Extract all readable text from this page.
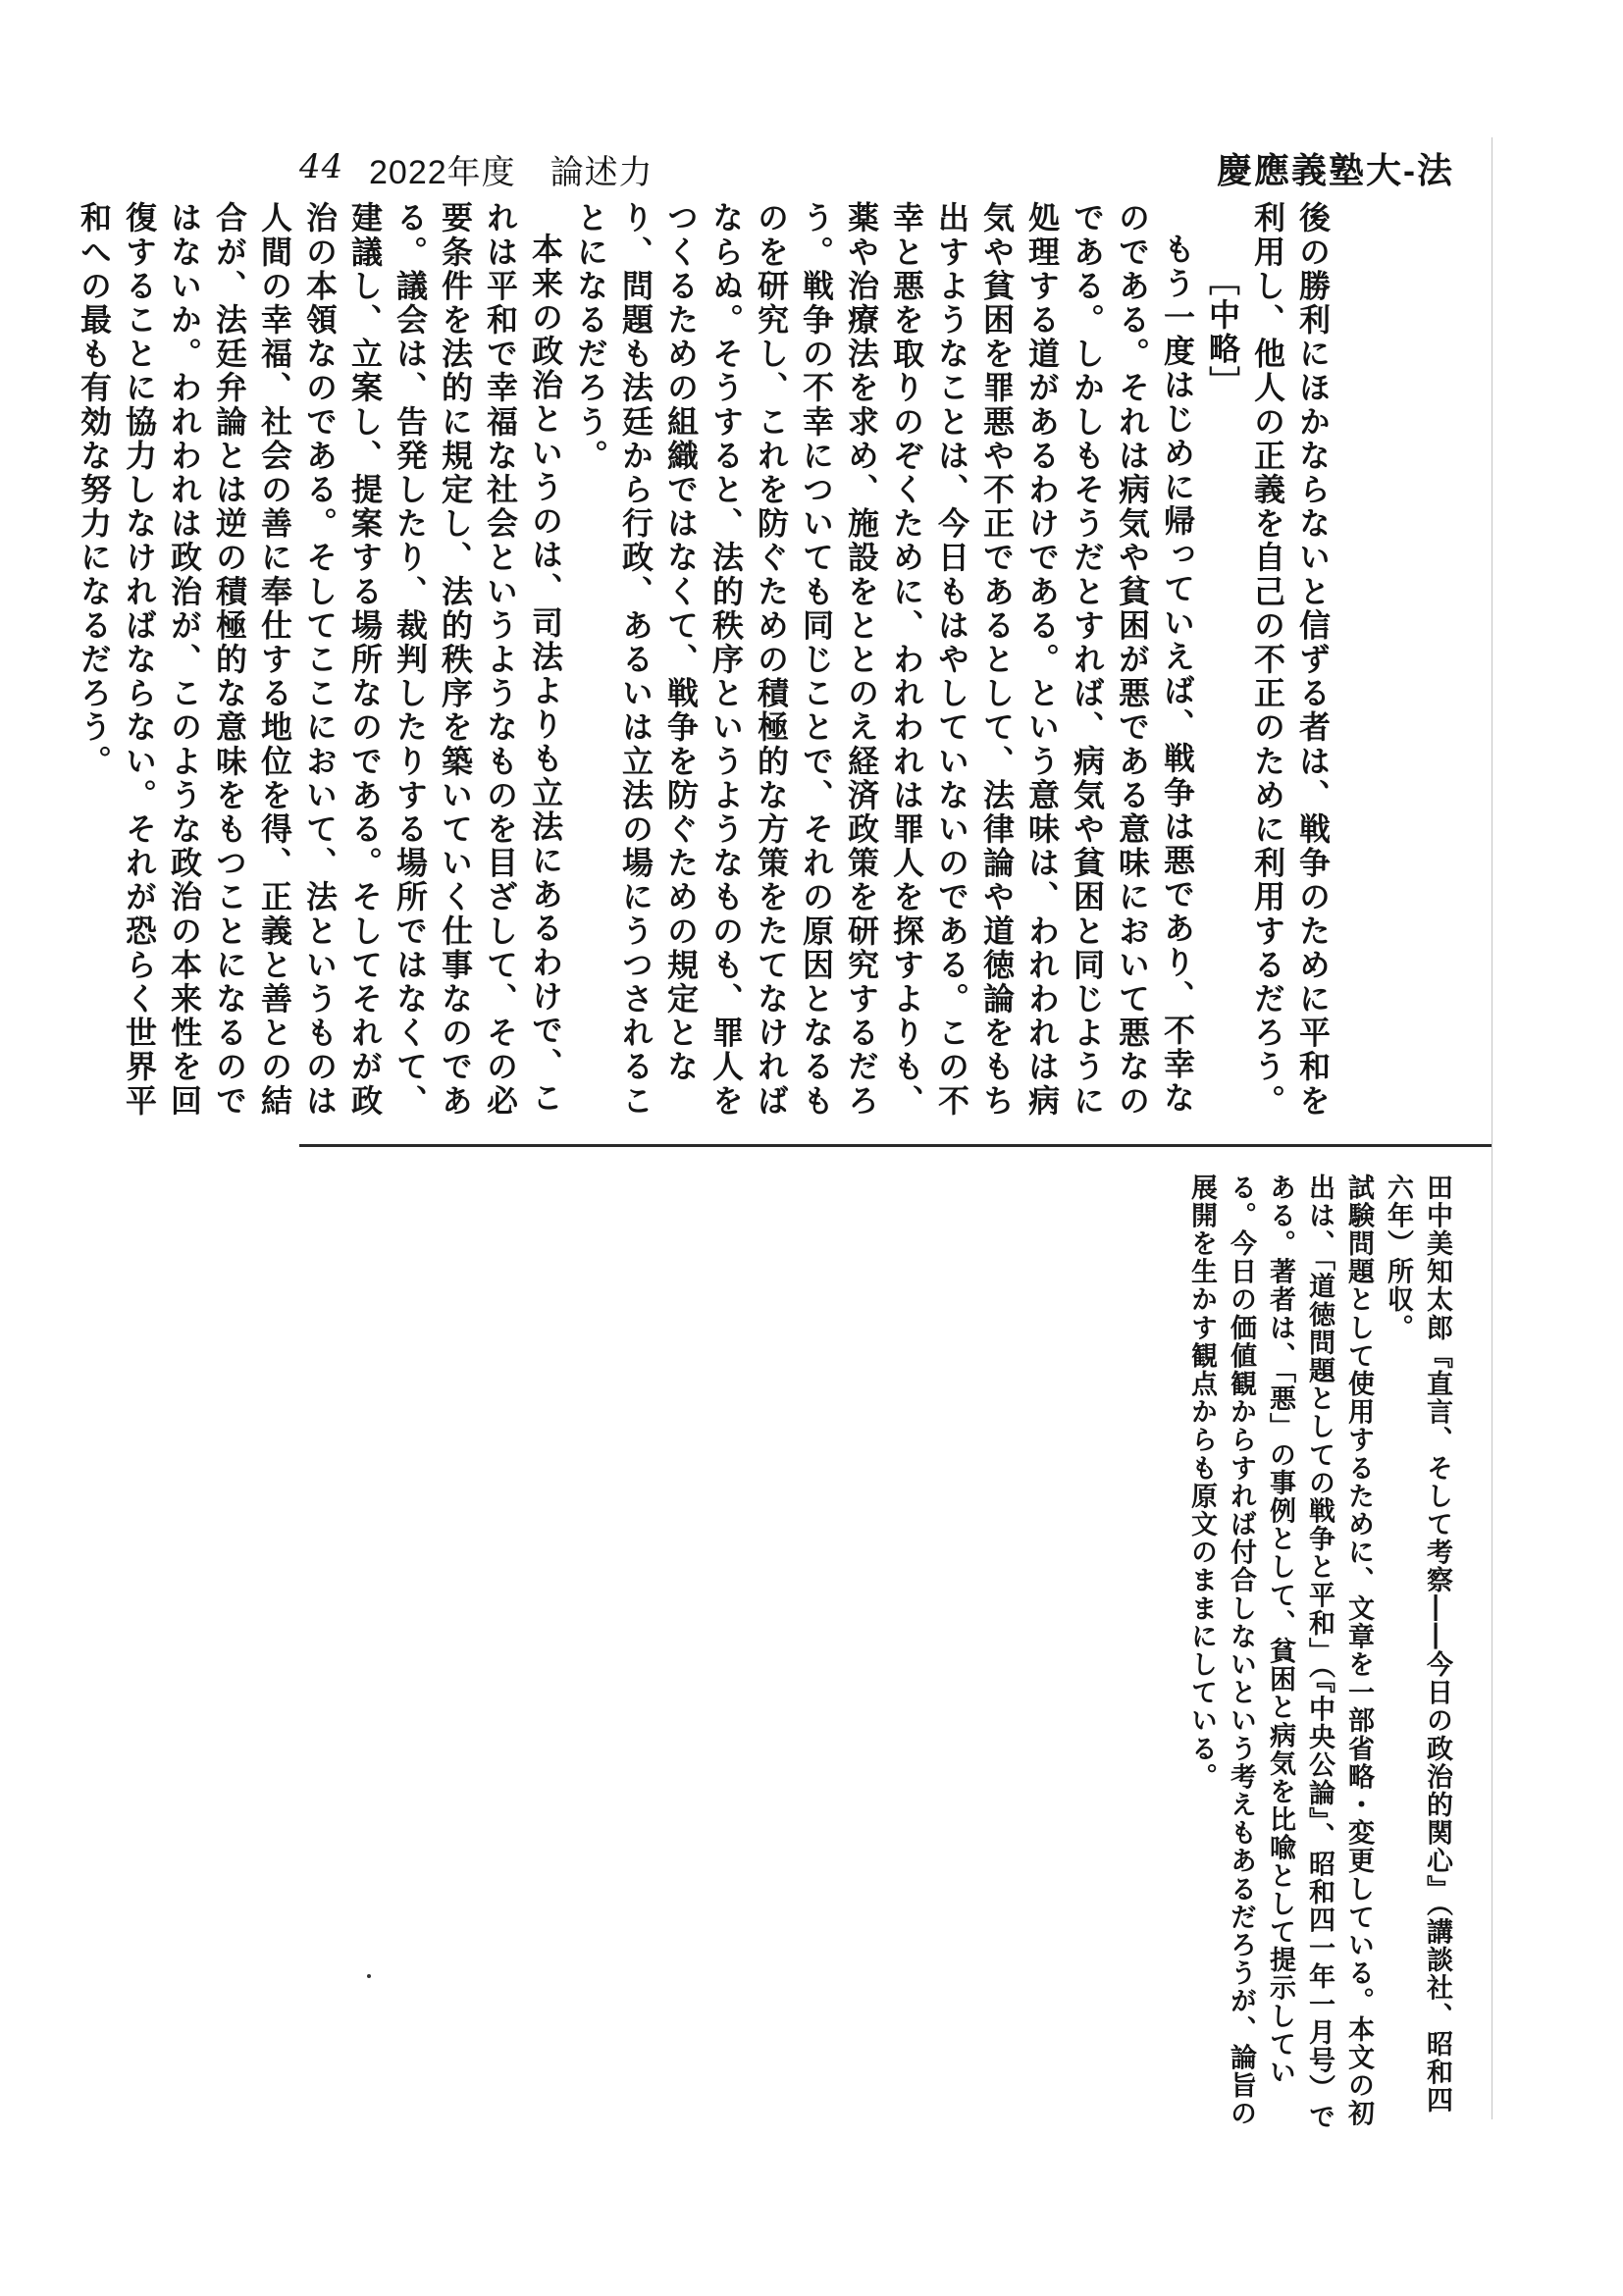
44 2022年度　論述力	慶應義塾大-法

後の勝利にほかならないと信ずる者は、戦争のために平和を利用し、他人の正義を自己の不正のために利用するだろう。

［中略］

もう一度はじめに帰っていえば、戦争は悪であり、不幸なのである。それは病気や貧困が悪である意味において悪なのである。しかしもそうだとすれば、病気や貧困と同じように処理する道があるわけである。という意味は、われわれは病気や貧困を罪悪や不正であるとして、法律論や道徳論をもち出すようなことは、今日もはやしていないのである。この不幸と悪を取りのぞくために、われわれは罪人を探すよりも、薬や治療法を求め、施設をととのえ経済政策を研究するだろう。戦争の不幸についても同じことで、それの原因となるものを研究し、これを防ぐための積極的な方策をたてなければならぬ。そうすると、法的秩序というようなものも、罪人をつくるための組織ではなくて、戦争を防ぐための規定となり、問題も法廷から行政、あるいは立法の場にうつされることになるだろう。

本来の政治というのは、司法よりも立法にあるわけで、これは平和で幸福な社会というようなものを目ざして、その必要条件を法的に規定し、法的秩序を築いていく仕事なのである。議会は、告発したり、裁判したりする場所ではなくて、建議し、立案し、提案する場所なのである。そしてそれが政治の本領なのである。そしてここにおいて、法というものは人間の幸福、社会の善に奉仕する地位を得、正義と善との結合が、法廷弁論とは逆の積極的な意味をもつことになるのではないか。われわれは政治が、このような政治の本来性を回復することに協力しなければならない。それが恐らく世界平和への最も有効な努力になるだろう。

田中美知太郎『直言、そして考察――今日の政治的関心』（講談社、昭和四六年）所収。

試験問題として使用するために、文章を一部省略・変更している。本文の初出は、「道徳問題としての戦争と平和」（『中央公論』、昭和四一年一月号）である。著者は、「悪」の事例として、貧困と病気を比喩として提示している。今日の価値観からすれば付合しないという考えもあるだろうが、論旨の展開を生かす観点からも原文のままにしている。
